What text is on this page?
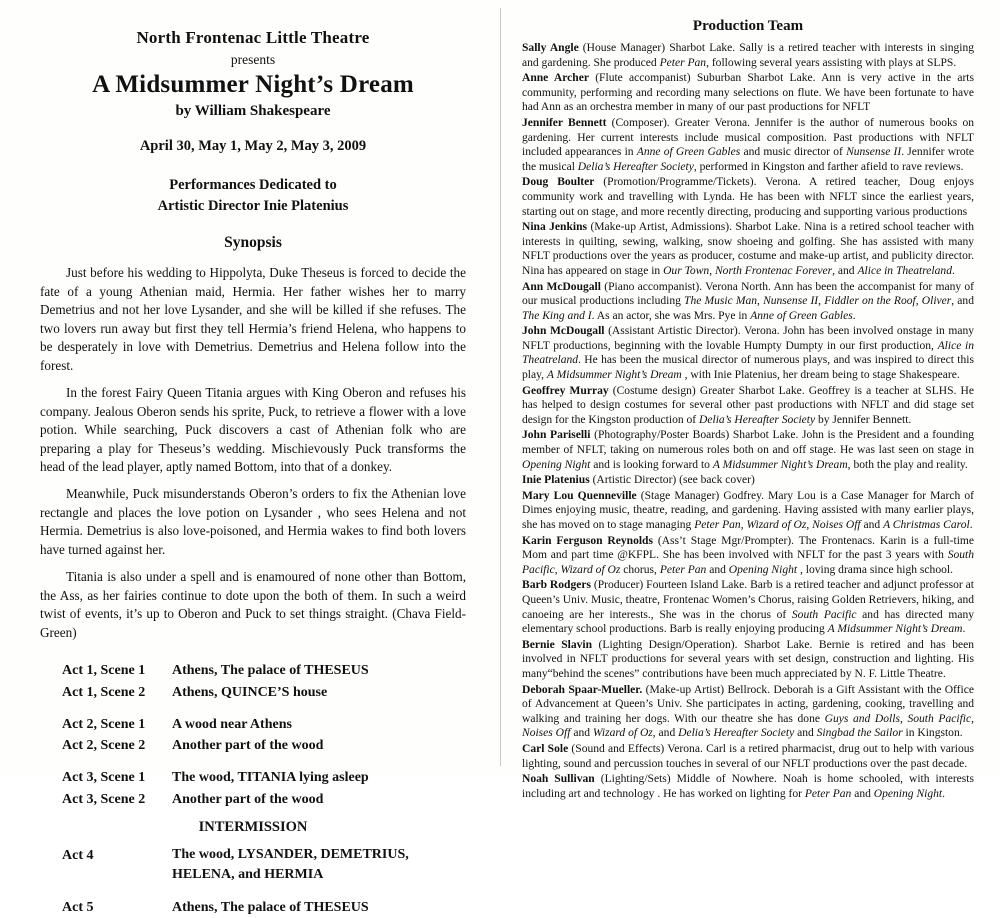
North Frontenac Little Theatre
presents
A Midsummer Night’s Dream
by William Shakespeare
April 30, May 1, May 2, May 3, 2009
Performances Dedicated to
Artistic Director Inie Platenius
Synopsis

Just before his wedding to Hippolyta, Duke Theseus is forced to decide the fate of a young Athenian maid, Hermia. Her father wishes her to marry Demetrius and not her love Lysander, and she will be killed if she refuses. The two lovers run away but first they tell Hermia’s friend Helena, who happens to be desperately in love with Demetrius. Demetrius and Helena follow into the forest.

In the forest Fairy Queen Titania argues with King Oberon and refuses his company. Jealous Oberon sends his sprite, Puck, to retrieve a flower with a love potion. While searching, Puck discovers a cast of Athenian folk who are preparing a play for Theseus’s wedding. Mischievously Puck transforms the head of the lead player, aptly named Bottom, into that of a donkey.

Meanwhile, Puck misunderstands Oberon’s orders to fix the Athenian love rectangle and places the love potion on Lysander , who sees Helena and not Hermia. Demetrius is also love-poisoned, and Hermia wakes to find both lovers have turned against her.

Titania is also under a spell and is enamoured of none other than Bottom, the Ass, as her fairies continue to dote upon the both of them. In such a weird twist of events, it’s up to Oberon and Puck to set things straight. (Chava Field-Green)

Act 1, Scene 1	Athens, The palace of THESEUS
Act 1, Scene 2	Athens, QUINCE’S house
Act 2, Scene 1	A wood near Athens
Act 2, Scene 2	Another part of the wood
Act 3, Scene 1	The wood, TITANIA lying asleep
Act 3, Scene 2	Another part of the wood
INTERMISSION
Act 4	The wood, LYSANDER, DEMETRIUS, HELENA, and HERMIA
Act 5	Athens, The palace of THESEUS
Production Team

Sally Angle (House Manager) Sharbot Lake. Sally is a retired teacher with interests in singing and gardening. She produced Peter Pan, following several years assisting with plays at SLPS.

Anne Archer (Flute accompanist) Suburban Sharbot Lake. Ann is very active in the arts community, performing and recording many selections on flute. We have been fortunate to have had Ann as an orchestra member in many of our past productions for NFLT

Jennifer Bennett (Composer). Greater Verona. Jennifer is the author of numerous books on gardening. Her current interests include musical composition. Past productions with NFLT included appearances in Anne of Green Gables and music director of Nunsense II. Jennifer wrote the musical Delia’s Hereafter Society, performed in Kingston and farther afield to rave reviews.

Doug Boulter (Promotion/Programme/Tickets). Verona. A retired teacher, Doug enjoys community work and travelling with Lynda. He has been with NFLT since the earliest years, starting out on stage, and more recently directing, producing and supporting various productions

Nina Jenkins (Make-up Artist, Admissions). Sharbot Lake. Nina is a retired school teacher with interests in quilting, sewing, walking, snow shoeing and golfing. She has assisted with many NFLT productions over the years as producer, costume and make-up artist, and publicity director. Nina has appeared on stage in Our Town, North Frontenac Forever, and Alice in Theatreland.

Ann McDougall (Piano accompanist). Verona North. Ann has been the accompanist for many of our musical productions including The Music Man, Nunsense II, Fiddler on the Roof, Oliver, and The King and I. As an actor, she was Mrs. Pye in Anne of Green Gables.

John McDougall (Assistant Artistic Director). Verona. John has been involved onstage in many NFLT productions, beginning with the lovable Humpty Dumpty in our first production, Alice in Theatreland. He has been the musical director of numerous plays, and was inspired to direct this play, A Midsummer Night’s Dream , with Inie Platenius, her dream being to stage Shakespeare.

Geoffrey Murray (Costume design) Greater Sharbot Lake. Geoffrey is a teacher at SLHS. He has helped to design costumes for several other past productions with NFLT and did stage set design for the Kingston production of Delia’s Hereafter Society by Jennifer Bennett.

John Pariselli (Photography/Poster Boards) Sharbot Lake. John is the President and a founding member of NFLT, taking on numerous roles both on and off stage. He was last seen on stage in Opening Night and is looking forward to A Midsummer Night’s Dream, both the play and reality.

Inie Platenius (Artistic Director) (see back cover)

Mary Lou Quenneville (Stage Manager) Godfrey. Mary Lou is a Case Manager for March of Dimes enjoying music, theatre, reading, and gardening. Having assisted with many earlier plays, she has moved on to stage managing Peter Pan, Wizard of Oz, Noises Off and A Christmas Carol.

Karin Ferguson Reynolds (Ass’t Stage Mgr/Prompter). The Frontenacs. Karin is a full-time Mom and part time @KFPL. She has been involved with NFLT for the past 3 years with South Pacific, Wizard of Oz chorus, Peter Pan and Opening Night , loving drama since high school.

Barb Rodgers (Producer) Fourteen Island Lake. Barb is a retired teacher and adjunct professor at Queen’s Univ. Music, theatre, Frontenac Women’s Chorus, raising Golden Retrievers, hiking, and canoeing are her interests., She was in the chorus of South Pacific and has directed many elementary school productions. Barb is really enjoying producing A Midsummer Night’s Dream.

Bernie Slavin (Lighting Design/Operation). Sharbot Lake. Bernie is retired and has been involved in NFLT productions for several years with set design, construction and lighting. His many“behind the scenes” contributions have been much appreciated by N. F. Little Theatre.

Deborah Spaar-Mueller. (Make-up Artist) Bellrock. Deborah is a Gift Assistant with the Office of Advancement at Queen’s Univ. She participates in acting, gardening, cooking, travelling and walking and training her dogs. With our theatre she has done Guys and Dolls, South Pacific, Noises Off and Wizard of Oz, and Delia’s Hereafter Society and Singbad the Sailor in Kingston.

Carl Sole (Sound and Effects) Verona. Carl is a retired pharmacist, drug out to help with various lighting, sound and percussion touches in several of our NFLT productions over the past decade.

Noah Sullivan (Lighting/Sets) Middle of Nowhere. Noah is home schooled, with interests including art and technology . He has worked on lighting for Peter Pan and Opening Night.
